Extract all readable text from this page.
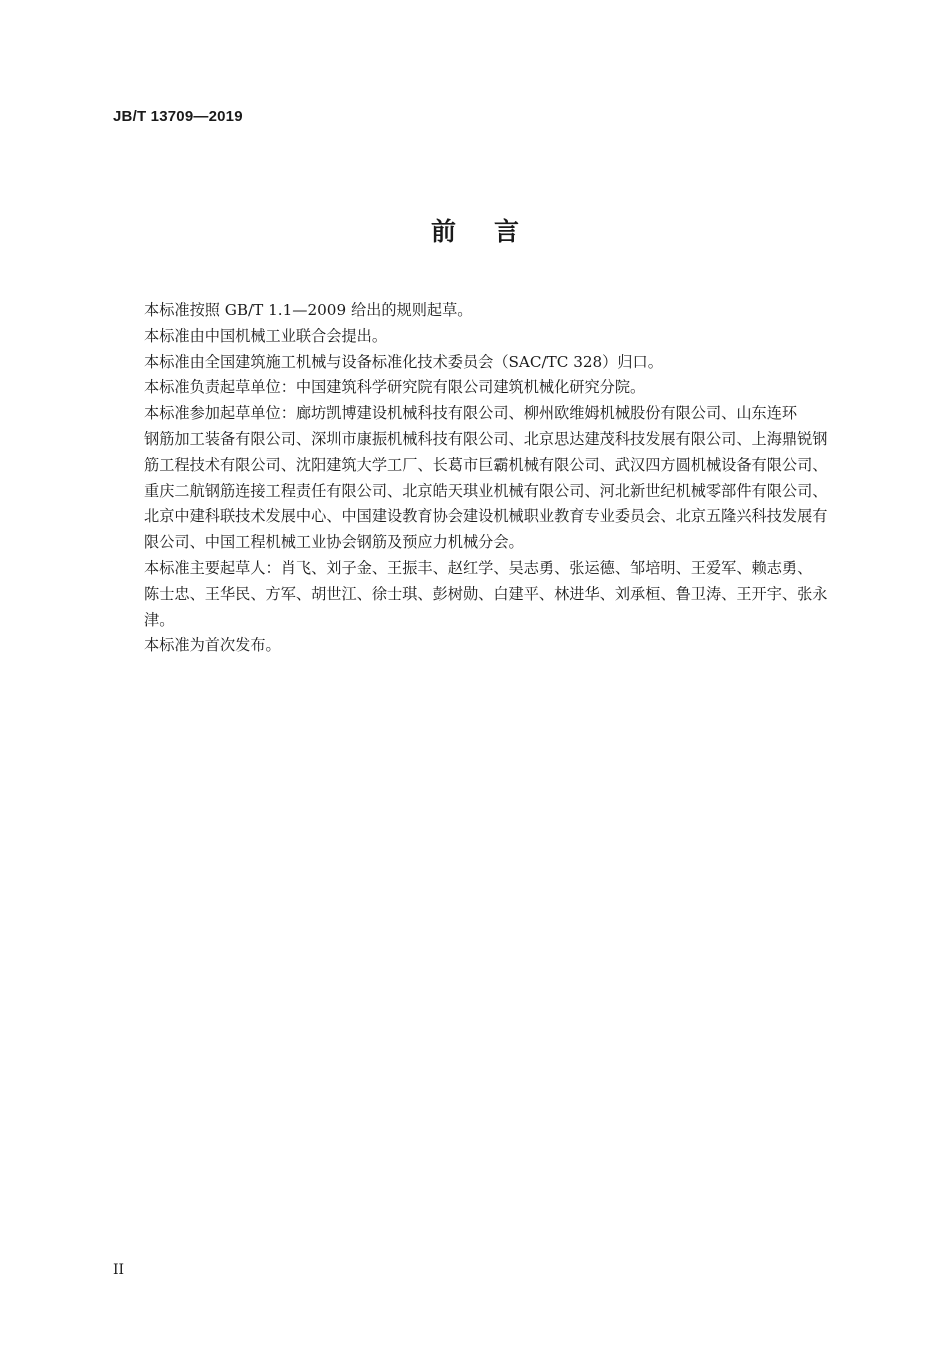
JB/T 13709—2019
前言

本标准按照 GB/T 1.1—2009 给出的规则起草。

本标准由中国机械工业联合会提出。

本标准由全国建筑施工机械与设备标准化技术委员会（SAC/TC 328）归口。

本标准负责起草单位：中国建筑科学研究院有限公司建筑机械化研究分院。

本标准参加起草单位：廊坊凯博建设机械科技有限公司、柳州欧维姆机械股份有限公司、山东连环
钢筋加工装备有限公司、深圳市康振机械科技有限公司、北京思达建茂科技发展有限公司、上海鼎锐钢
筋工程技术有限公司、沈阳建筑大学工厂、长葛市巨霸机械有限公司、武汉四方圆机械设备有限公司、
重庆二航钢筋连接工程责任有限公司、北京皓天琪业机械有限公司、河北新世纪机械零部件有限公司、
北京中建科联技术发展中心、中国建设教育协会建设机械职业教育专业委员会、北京五隆兴科技发展有
限公司、中国工程机械工业协会钢筋及预应力机械分会。

本标准主要起草人：肖飞、刘子金、王振丰、赵红学、吴志勇、张运德、邹培明、王爱军、赖志勇、
陈士忠、王华民、方军、胡世江、徐士琪、彭树勋、白建平、林进华、刘承桓、鲁卫涛、王开宇、张永
津。

本标准为首次发布。

II
